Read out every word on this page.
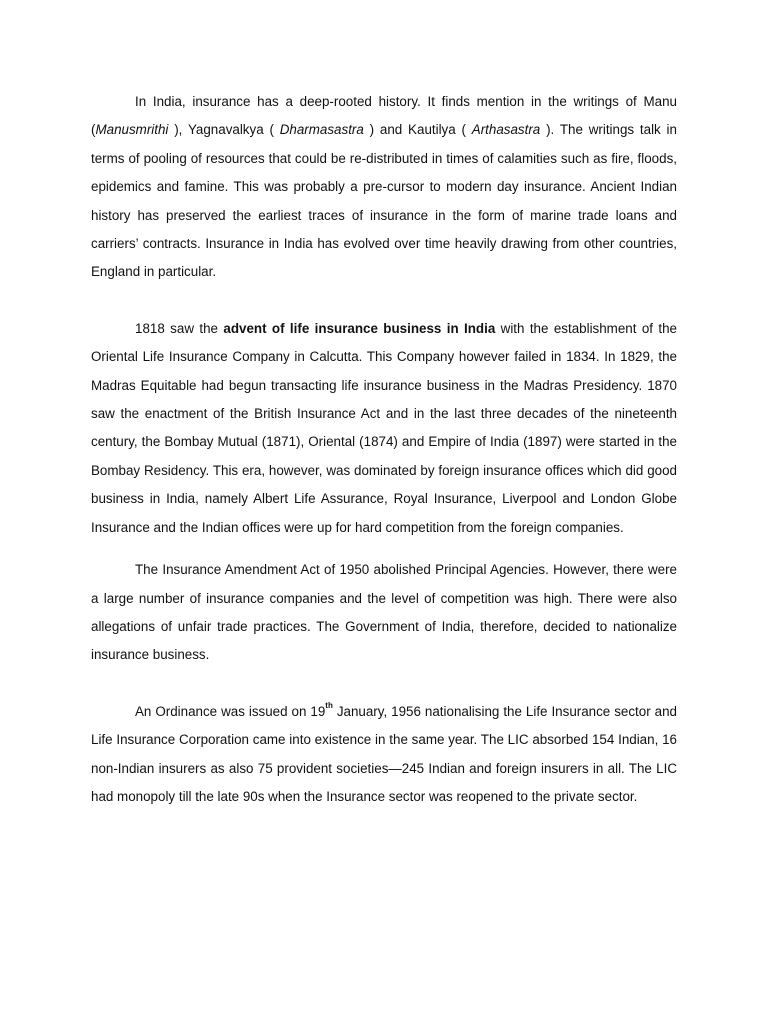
In India, insurance has a deep-rooted history. It finds mention in the writings of Manu (Manusmrithi ), Yagnavalkya ( Dharmasastra ) and Kautilya ( Arthasastra ). The writings talk in terms of pooling of resources that could be re-distributed in times of calamities such as fire, floods, epidemics and famine. This was probably a pre-cursor to modern day insurance. Ancient Indian history has preserved the earliest traces of insurance in the form of marine trade loans and carriers’ contracts. Insurance in India has evolved over time heavily drawing from other countries, England in particular.

1818 saw the advent of life insurance business in India with the establishment of the Oriental Life Insurance Company in Calcutta. This Company however failed in 1834. In 1829, the Madras Equitable had begun transacting life insurance business in the Madras Presidency. 1870 saw the enactment of the British Insurance Act and in the last three decades of the nineteenth century, the Bombay Mutual (1871), Oriental (1874) and Empire of India (1897) were started in the Bombay Residency. This era, however, was dominated by foreign insurance offices which did good business in India, namely Albert Life Assurance, Royal Insurance, Liverpool and London Globe Insurance and the Indian offices were up for hard competition from the foreign companies.

The Insurance Amendment Act of 1950 abolished Principal Agencies. However, there were a large number of insurance companies and the level of competition was high. There were also allegations of unfair trade practices. The Government of India, therefore, decided to nationalize insurance business.

An Ordinance was issued on 19th January, 1956 nationalising the Life Insurance sector and Life Insurance Corporation came into existence in the same year. The LIC absorbed 154 Indian, 16 non-Indian insurers as also 75 provident societies—245 Indian and foreign insurers in all. The LIC had monopoly till the late 90s when the Insurance sector was reopened to the private sector.
